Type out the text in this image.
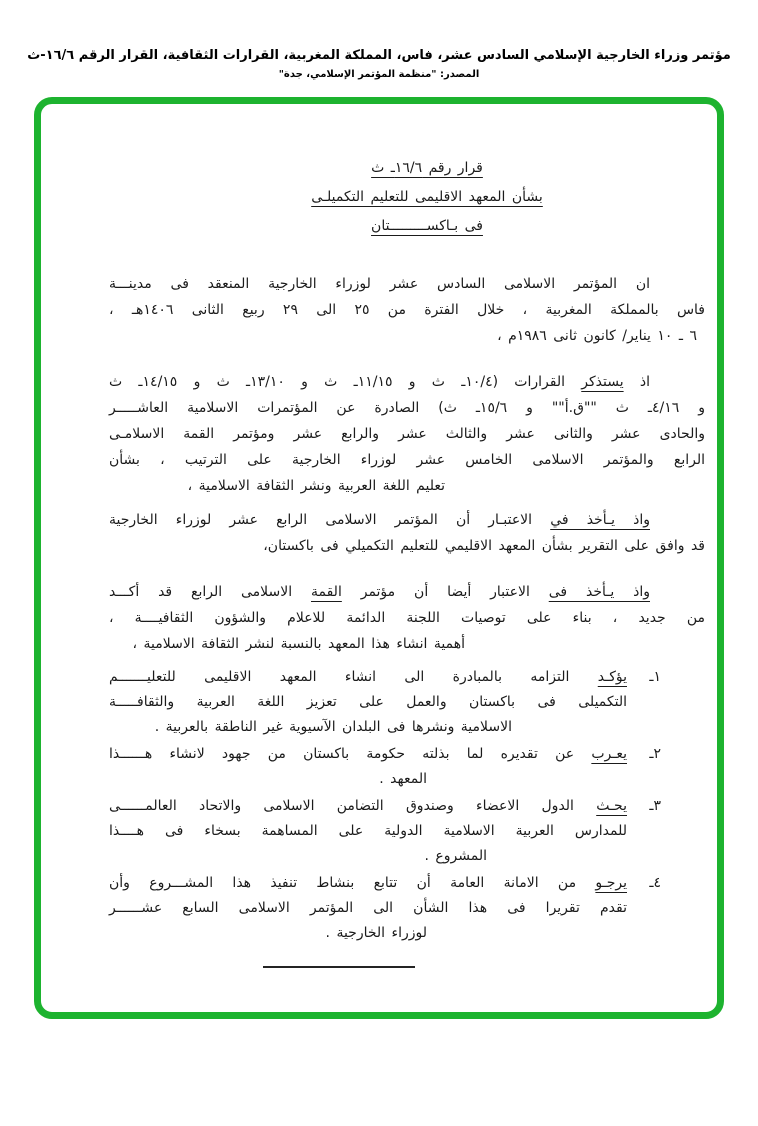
مؤتمر وزراء الخارجية الإسلامي السادس عشر، فاس، المملكة المغربية، القرارات الثقافية، القرار الرقم ١٦/٦-ث
المصدر: "منظمة المؤتمر الإسلامي، جدة"
قرار رقم ١٦/٦ـ ث
بشأن المعهد الاقليمى للتعليم التكميلـى
فى بـاكســـــــــتان
ان المؤتمر الاسلامى السادس عشر لوزراء الخارجية المنعقد فى مدينـــة
فاس بالمملكة المغربية ، خلال الفترة من ٢٥ الى ٢٩ ربيع الثانى ١٤٠٦هـ ،
٦ ـ ١٠ يناير/ كانون ثانى ١٩٨٦م ،
اذ يستذكر القرارات (١٠/٤ـ ث و ١١/١٥ـ ث و ١٣/١٠ـ ث و ١٤/١٥ـ ث
و ٤/١٦ـ ث ""ق.أ"" و ١٥/٦ـ ث) الصادرة عن المؤتمرات الاسلامية العاشـــــر
والحادى عشر والثانى عشر والثالث عشر والرابع عشر ومؤتمر القمة الاسلامـى
الرابع والمؤتمر الاسلامى الخامس عشر لوزراء الخارجية على الترتيب ، بشأن
تعليم اللغة العربية ونشر الثقافة الاسلامية ،
واذ يـأخذ في الاعتبـار أن المؤتمر الاسلامى الرابع عشر لوزراء الخارجية
قد وافق على التقرير بشأن المعهد الاقليمي للتعليم التكميلي فى باكستان،
واذ يـأخذ فى الاعتبار أيضا أن مؤتمر القمة الاسلامى الرابع قد أكـــد
من جديد ، بناء على توصيات اللجنة الدائمة للاعلام والشؤون الثقافيــــة ،
أهمية انشاء هذا المعهد بالنسبة لنشر الثقافة الاسلامية ،
١ـ
يؤكـد التزامه بالمبادرة الى انشاء المعهد الاقليمى للتعليـــــــم
التكميلى فى باكستان والعمل على تعزيز اللغة العربية والثقافـــــة
الاسلامية ونشرها فى البلدان الآسيوية غير الناطقة بالعربية .
٢ـ
يعـرب عن تقديره لما بذلته حكومة باكستان من جهود لانشاء هــــــذا
المعهد .
٣ـ
يحـث الدول الاعضاء وصندوق التضامن الاسلامى والاتحاد العالمــــــى
للمدارس العربية الاسلامية الدولية على المساهمة بسخاء فى هــــذا
المشروع .
٤ـ
يرجـو من الامانة العامة أن تتابع بنشاط تنفيذ هذا المشـــروع وأن
تقدم تقريرا فى هذا الشأن الى المؤتمر الاسلامى السابع عشــــــر
لوزراء الخارجية .
